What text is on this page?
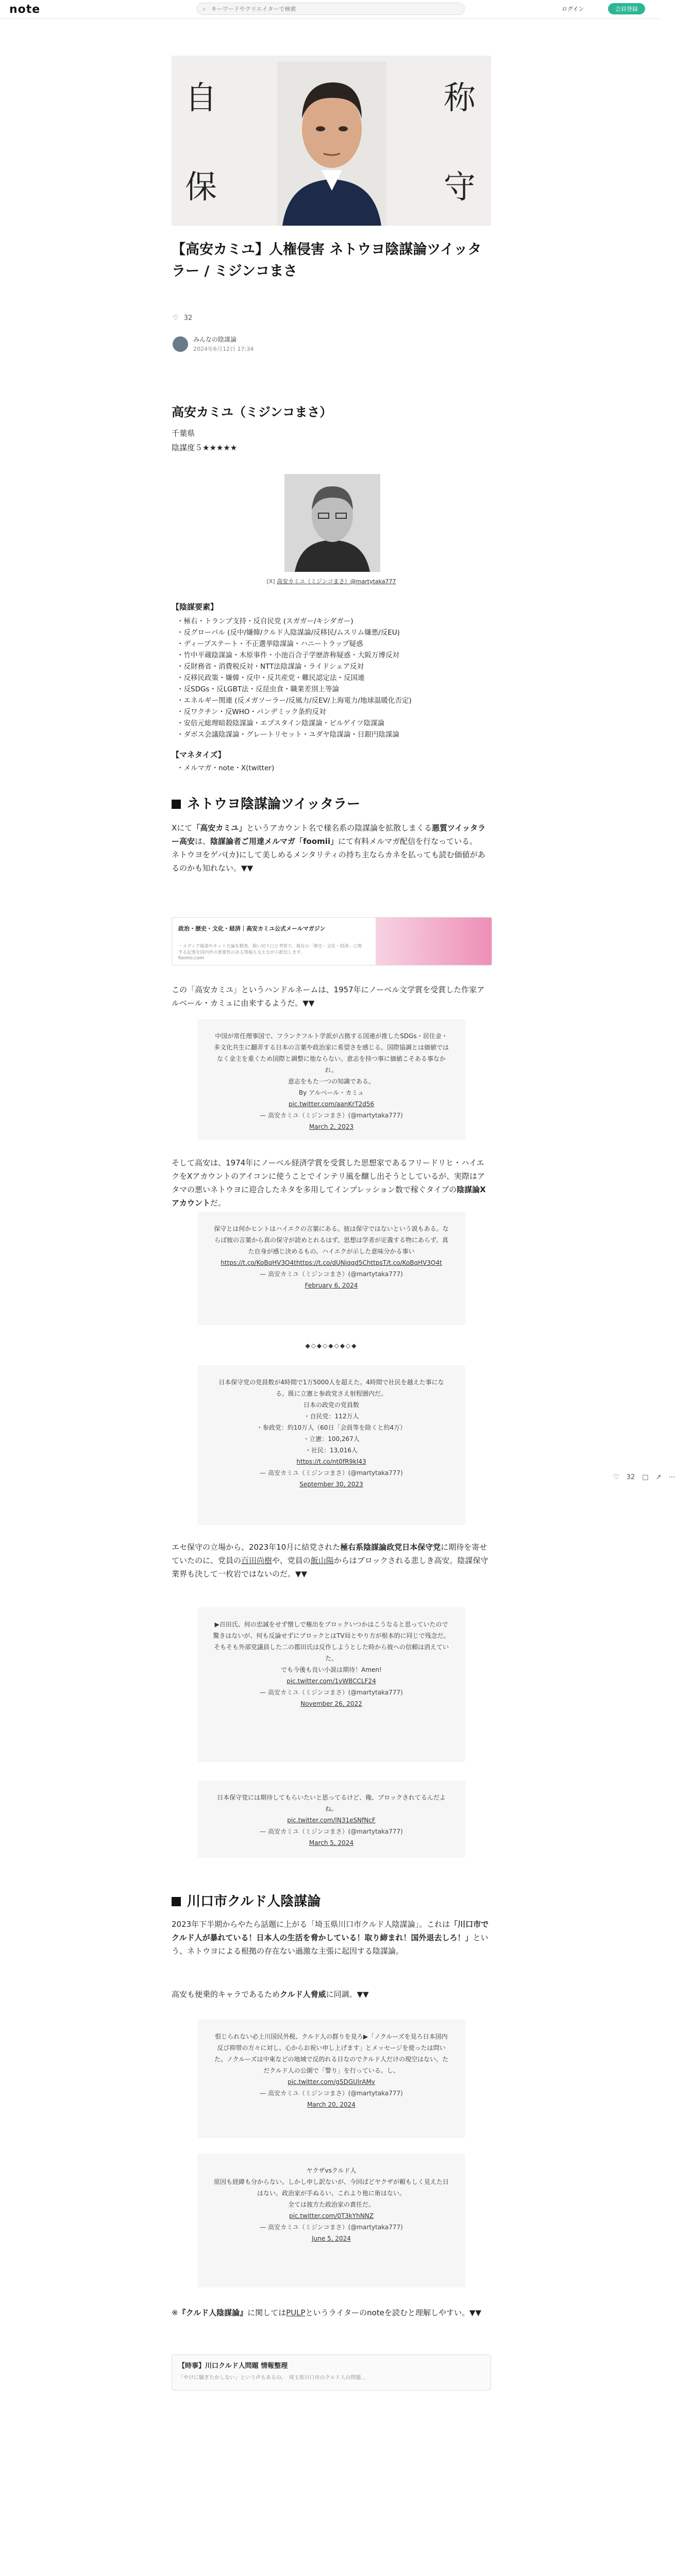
note	⌕
キーワードやクリエイターで検索	ログイン	会員登録
自
保
称
守
【高安カミユ】人権侵害 ネトウヨ陰謀論ツイッタラー / ミジンコまさ
♡ 32
みんなの陰謀論
2024年6月12日 17:34
高安カミユ（ミジンコまさ）
千葉県
陰謀度５★★★★★
[X] 高安カミユ（ミジンコまさ）@martytaka777
【陰謀要素】
・ 極右・トランプ支持・反自民党 (スガガー/キシダガー)
・ 反グローバル (反中/嫌韓/クルド人陰謀論/反移民/ムスリム嫌悪/反EU)
・ ディープステート・不正選挙陰謀論・ハニートラップ疑惑
・ 竹中平蔵陰謀論・木原事件・小池百合子学歴詐称疑惑・大阪万博反対
・ 反財務省・消費税反対・NTT法陰謀論・ライドシェア反対
・ 反移民政策・嫌韓・反中・反共産党・難民認定法・反国連
・ 反SDGs・反LGBT法・反昆虫食・職業差別上等論
・ エネルギー関連 (反メガソーラー/反風力/反EV/上海電力/地球温暖化否定)
・ 反ワクチン・反WHO・パンデミック条約反対
・ 安倍元総理暗殺陰謀論・エプスタイン陰謀論・ビルゲイツ陰謀論
・ ダボス会議陰謀論・グレートリセット・ユダヤ陰謀論・日銀円陰謀論
【マネタイズ】
・ メルマガ・note・X(twitter)
ネトウヨ陰謀論ツイッタラー
Xにて「高安カミユ」というアカウント名で様名系の陰謀論を拡散しまくる悪質ツイッタラー高安は、陰謀論者ご用達メルマガ「foomii」にて有料メルマガ配信を行なっている。
ネトウヨをゲバ(カ)にして美しめるメンタリティの持ち主ならカネを払っても読む価値があるのかも知れない。▼▼
政治・歴史・文化・経済｜高安カミユ公式メールマガジン
・メディア報道やネット言論を精査、鋭い切り口と考察で、現在の「歴史・文化・経済」に関する記事を国内外の重要性のある情報も交えながら配信します。
foomii.com
この「高安カミユ」というハンドルネームは、1957年にノーベル文学賞を受賞した作家アルベール・カミュに由来するようだ。▼▼
中国が常任理事国で、フランクフルト学派が占拠する国連が推したSDGs・居住金・多文化共生に翻弄する日本の言葉や政治家に希望さを感じる。国際協調とは価値ではなく金主を重くため国際と調整に他ならない。意志を持つ事に価値こそある事なかれ。
意志をもた一つの知識である。
By アルベール・カミュ
pic.twitter.com/aanKrT2d56
— 高安カミユ（ミジンコまさ）(@martytaka777)
March 2, 2023
そして高安は、1974年にノーベル経済学賞を受賞した思想家であるフリードリヒ・ハイエクをXアカウントのアイコンに使うことでインテリ風を醸し出そうとしているが、実際はアタマの悪いネトウヨに迎合したネタを多用してインプレッション数で稼ぐタイプの陰謀論Xアカウントだ。
保守とは何かヒントはハイエクの言葉にある。彼は保守ではないという説もある。ならば彼の言葉から真の保守が読めとれるはず。思想は学者が定義する物にあらず。真た自身が感じ決めるもの。ハイエクが示した意味分かる事い
https://t.co/KoBqHV3O4thttps://t.co/dUNiqqd5ChttpsT/t.co/KoBqHV3O4t
— 高安カミユ（ミジンコまさ）(@martytaka777)
February 6, 2024
◆◇◆◇◆◇◆◇◆
日本保守党の党員数が4時間で1万5000人を超えた。4時間で社民を越えた事になる。既に立憲と参政党さえ射程圏内だ。
日本の政党の党員数
・自民党：112万人
・参政党：約10万人（60日「会員等を除くと約4万）
・立憲：100,267人
・社民：13,016人
https://t.co/nt0fR9kl43
— 高安カミユ（ミジンコまさ）(@martytaka777)
September 30, 2023
エセ保守の立場から、2023年10月に結党された極右系陰謀論政党日本保守党に期待を寄せていたのに、党員の百田尚樹や、党員の飯山陽からはブロックされる悲しき高安。陰謀保守業界も決して一枚岩ではないのだ。▼▼
♡ 32 □ ↗ ⋯
▶百田氏、何の忠誠をせず憎しで権出をブロックいつかはこうなると思っていたので驚きはないが、何も反論せずにブロックとはTV局とやり方が根本的に同じで残念だ。そもそも外部党議員した二の郡田氏は反作しようとした時から彼への信頼は消えていた。
でも今後も良い小説は期待！Amen!
pic.twitter.com/1vWBCCLF24
— 高安カミユ（ミジンコまさ）(@martytaka777)
November 26, 2022
日本保守党には期待してもらいたいと思ってるけど、俺、ブロックされてるんだよね。
pic.twitter.com/lN31eSNfNcF
— 高安カミユ（ミジンコまさ）(@martytaka777)
March 5, 2024
川口市クルド人陰謀論
2023年下半期からやたら話題に上がる「埼玉県川口市クルド人陰謀論」。これは「川口市でクルド人が暴れている！日本人の生活を脅かしている！取り締まれ！国外退去しろ！」という、ネトウヨによる根拠の存在ない過激な主張に起因する陰謀論。
高安も便乗的キャラであるためクルド人脅威に同調。▼▼
恨じられない必上川国民外税、クルド人の群りを見ろ▶「ノクルーズを見ろ日本国内反び抑帯の方々に対し、心からお祝い申し上げます」とメッセージを使ったは問いた。ノクルーズは中東などの地域で反的れる日なのでクルド人だけの現空はない。ただクルド人の公園で「警り」を行っている。し、
pic.twitter.com/g5DGUlrAMv
— 高安カミユ（ミジンコまさ）(@martytaka777)
March 20, 2024
ヤクザvsクルド人
原因も経緯も分からない。しかし申し訳ないが、今回ばどヤクザが頼もしく見えた日はない。政治家が手ぬるい、これより他に術はない。
全ては彼方た政治家の責任だ。
pic.twitter.com/0T3kYhNNZ
— 高安カミユ（ミジンコまさ）(@martytaka777)
June 5, 2024
※『クルド人陰謀論』に関してはPULPというライターのnoteを読むと理解しやすい。▼▼
【時事】川口クルド人問題 情報整理
「やけに騒ぎたかしない」という声もあるの。　埼玉県川口市のクルド人の問題...
